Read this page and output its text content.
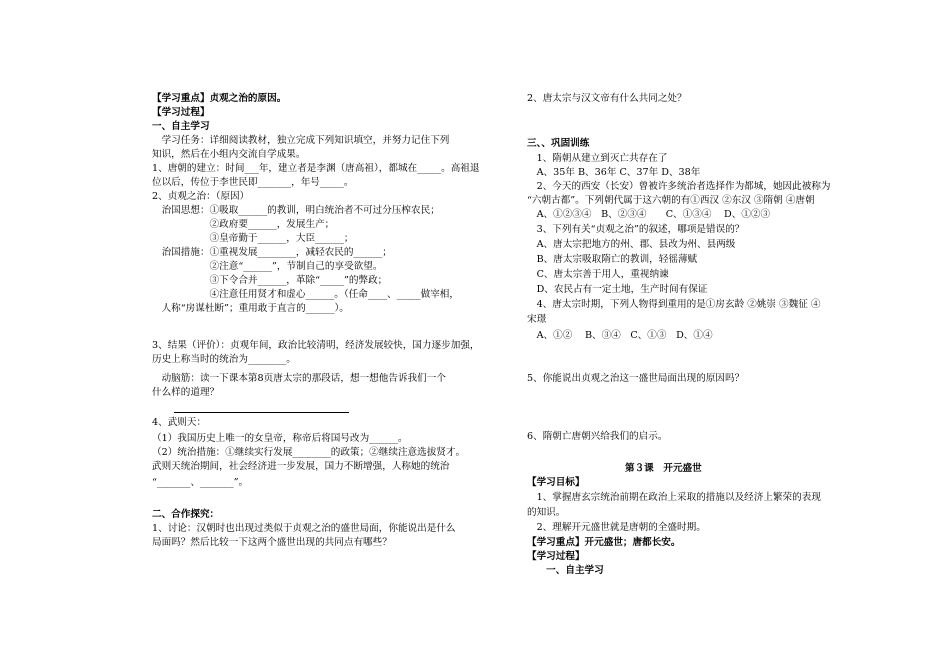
【学习重点】贞观之治的原因。
【学习过程】
一、自主学习
　学习任务：详细阅读教材，独立完成下列知识填空，并努力记住下列
知识，然后在小组内交流自学成果。
1、唐朝的建立：时间___年，建立者是李渊（唐高祖），都城在_____。高祖退
位以后，传位于李世民即_______，年号_____。
2、贞观之治：（原因）
　治国思想：①吸取______的教训，明白统治者不可过分压榨农民；
　　　　　　②政府要______，发展生产；
　　　　　　③皇帝勤于______，大臣______；
　治国措施：①重视发展________，减轻农民的______；
　　　　　　②注意“______”，节制自己的享受欲望。
　　　　　　③下令合并______，革除“_____”的弊政；
　　　　　　④注意任用贤才和虚心______。（任命____、_____做宰相，
　人称“房谋杜断”；重用敢于直言的______）。
3、结果（评价）：贞观年间，政治比较清明，经济发展较快，国力逐步加强，
历史上称当时的统治为________。
　动脑筋：读一下课本第8页唐太宗的那段话，想一想他告诉我们一个
什么样的道理？
4、武则天：
（1）我国历史上唯一的女皇帝，称帝后将国号改为______。
（2）统治措施：①继续实行发展________的政策；②继续注意选拔贤才。
武则天统治期间，社会经济进一步发展，国力不断增强，人称她的统治
“_______、_______”。
二、合作探究：
1、讨论：汉朝时也出现过类似于贞观之治的盛世局面，你能说出是什么
局面吗？然后比较一下这两个盛世出现的共同点有哪些？
2、唐太宗与汉文帝有什么共同之处？
三、、巩固训练
　1、隋朝从建立到灭亡共存在了
　A、35年 B、36年 C、37年 D、38年
　2、今天的西安（长安）曾被许多统治者选择作为都城，她因此被称为
“六朝古都”。下列朝代属于这六朝的有①西汉 ②东汉 ③隋朝 ④唐朝
　A、①②③④　B、②③④　　C、①③④　 D、①②③
　3、下列有关“贞观之治”的叙述，哪项是错误的？
　A、唐太宗把地方的州、郡、县改为州、县两级
　B、唐太宗吸取隋亡的教训，轻徭薄赋
　C、唐太宗善于用人，重视纳谏
　D、农民占有一定土地，生产时间有保证
　4、唐太宗时期，下列人物得到重用的是①房玄龄 ②姚崇 ③魏征 ④
宋璟
　A、①②　 B、③④　C、①③　D、①④
5、你能说出贞观之治这一盛世局面出现的原因吗？
6、隋朝亡唐朝兴给我们的启示。
第３课　开元盛世
【学习目标】
　1、掌握唐玄宗统治前期在政治上采取的措施以及经济上繁荣的表现
的知识。
　2、理解开元盛世就是唐朝的全盛时期。
【学习重点】开元盛世；唐都长安。
【学习过程】
　　一、自主学习
